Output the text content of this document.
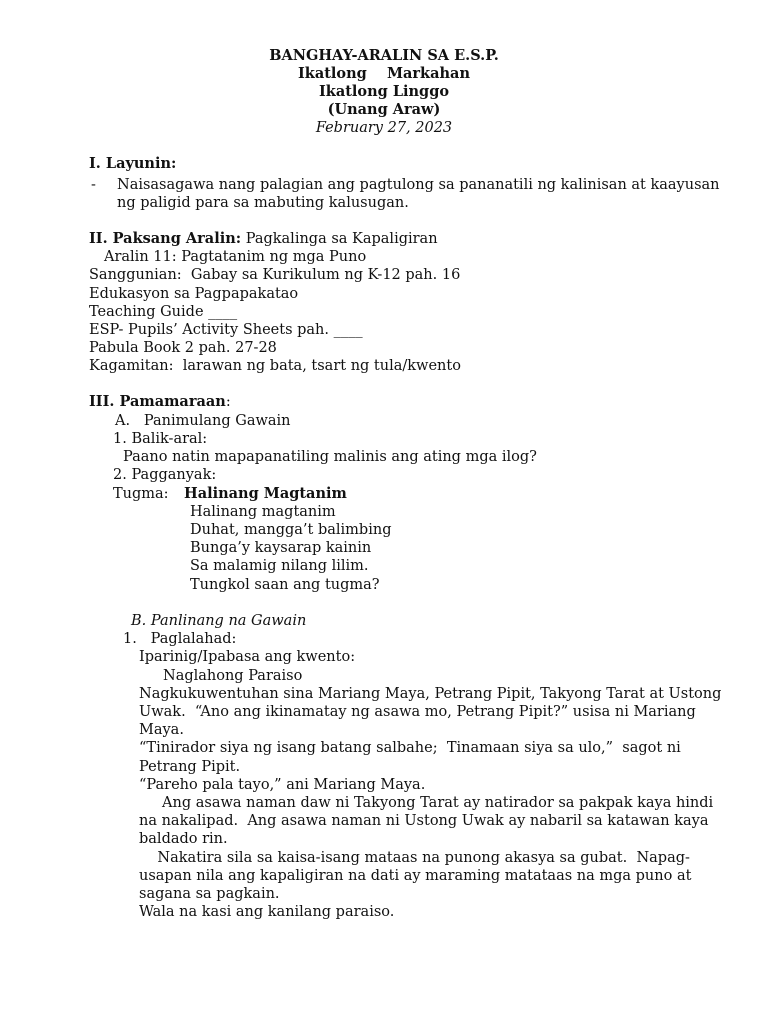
BANGHAY-ARALIN SA E.S.P.
Ikatlong    Markahan
Ikatlong Linggo
(Unang Araw)
February 27, 2023
I. Layunin:
- Naisasagawa nang palagian ang pagtulong sa pananatili ng kalinisan at kaayusan
ng paligid para sa mabuting kalusugan.
II. Paksang Aralin: Pagkalinga sa Kapaligiran
Aralin 11: Pagtatanim ng mga Puno
Sanggunian:  Gabay sa Kurikulum ng K-12 pah. 16
Edukasyon sa Pagpapakatao
Teaching Guide ____
ESP- Pupils’ Activity Sheets pah. ____
Pabula Book 2 pah. 27-28
Kagamitan:  larawan ng bata, tsart ng tula/kwento
III. Pamamaraan:
A.   Panimulang Gawain
1. Balik-aral:
Paano natin mapapanatiling malinis ang ating mga ilog?
2. Pagganyak:
Tugma: Halinang Magtanim
Halinang magtanim
Duhat, mangga’t balimbing
Bunga’y kaysarap kainin
Sa malamig nilang lilim.
Tungkol saan ang tugma?
B. Panlinang na Gawain
1.   Paglalahad:
Iparinig/Ipabasa ang kwento:
Naglahong Paraiso
Nagkukuwentuhan sina Mariang Maya, Petrang Pipit, Takyong Tarat at Ustong
Uwak.  “Ano ang ikinamatay ng asawa mo, Petrang Pipit?” usisa ni Mariang
Maya.
“Tinirador siya ng isang batang salbahe;  Tinamaan siya sa ulo,”  sagot ni
Petrang Pipit.
“Pareho pala tayo,” ani Mariang Maya.
Ang asawa naman daw ni Takyong Tarat ay natirador sa pakpak kaya hindi
na nakalipad.  Ang asawa naman ni Ustong Uwak ay nabaril sa katawan kaya
baldado rin.
Nakatira sila sa kaisa-isang mataas na punong akasya sa gubat.  Napag-
usapan nila ang kapaligiran na dati ay maraming matataas na mga puno at
sagana sa pagkain.
Wala na kasi ang kanilang paraiso.
